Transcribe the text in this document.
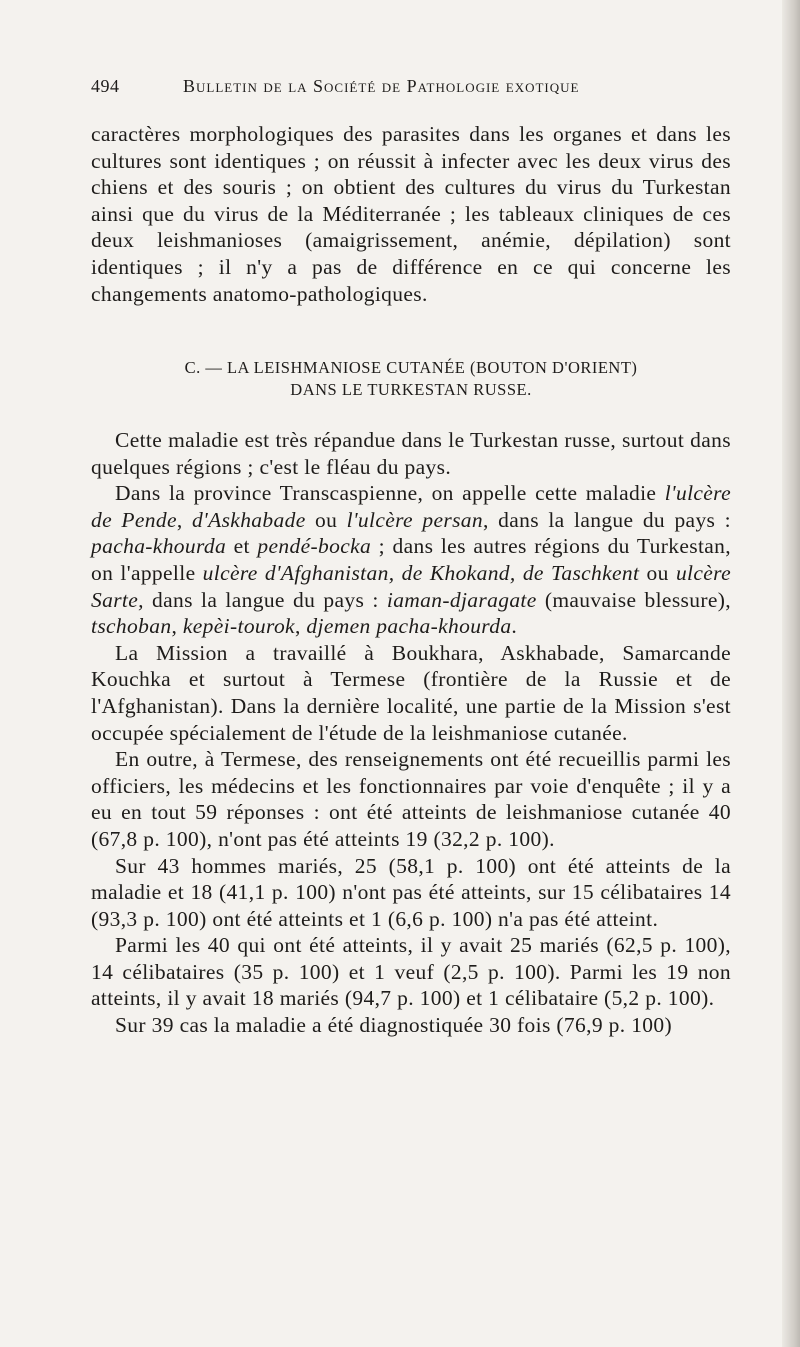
494	Bulletin de la Société de Pathologie exotique

caractères morphologiques des parasites dans les organes et dans les cultures sont identiques ; on réussit à infecter avec les deux virus des chiens et des souris ; on obtient des cultures du virus du Turkestan ainsi que du virus de la Méditerranée ; les tableaux cliniques de ces deux leishmanioses (amaigrissement, anémie, dépilation) sont identiques ; il n'y a pas de différence en ce qui concerne les changements anatomo-pathologiques.

C. — LA LEISHMANIOSE CUTANÉE (BOUTON D'ORIENT)
DANS LE TURKESTAN RUSSE.

Cette maladie est très répandue dans le Turkestan russe, surtout dans quelques régions ; c'est le fléau du pays.

Dans la province Transcaspienne, on appelle cette maladie l'ulcère de Pende, d'Askhabade ou l'ulcère persan, dans la langue du pays : pacha-khourda et pendé-bocka ; dans les autres régions du Turkestan, on l'appelle ulcère d'Afghanistan, de Khokand, de Taschkent ou ulcère Sarte, dans la langue du pays : iaman-djaragate (mauvaise blessure), tschoban, kepèi-tourok, djemen pacha-khourda.

La Mission a travaillé à Boukhara, Askhabade, Samarcande Kouchka et surtout à Termese (frontière de la Russie et de l'Afghanistan). Dans la dernière localité, une partie de la Mission s'est occupée spécialement de l'étude de la leishmaniose cutanée.

En outre, à Termese, des renseignements ont été recueillis parmi les officiers, les médecins et les fonctionnaires par voie d'enquête ; il y a eu en tout 59 réponses : ont été atteints de leishmaniose cutanée 40 (67,8 p. 100), n'ont pas été atteints 19 (32,2 p. 100).

Sur 43 hommes mariés, 25 (58,1 p. 100) ont été atteints de la maladie et 18 (41,1 p. 100) n'ont pas été atteints, sur 15 célibataires 14 (93,3 p. 100) ont été atteints et 1 (6,6 p. 100) n'a pas été atteint.

Parmi les 40 qui ont été atteints, il y avait 25 mariés (62,5 p. 100), 14 célibataires (35 p. 100) et 1 veuf (2,5 p. 100). Parmi les 19 non atteints, il y avait 18 mariés (94,7 p. 100) et 1 célibataire (5,2 p. 100).

Sur 39 cas la maladie a été diagnostiquée 30 fois (76,9 p. 100)
